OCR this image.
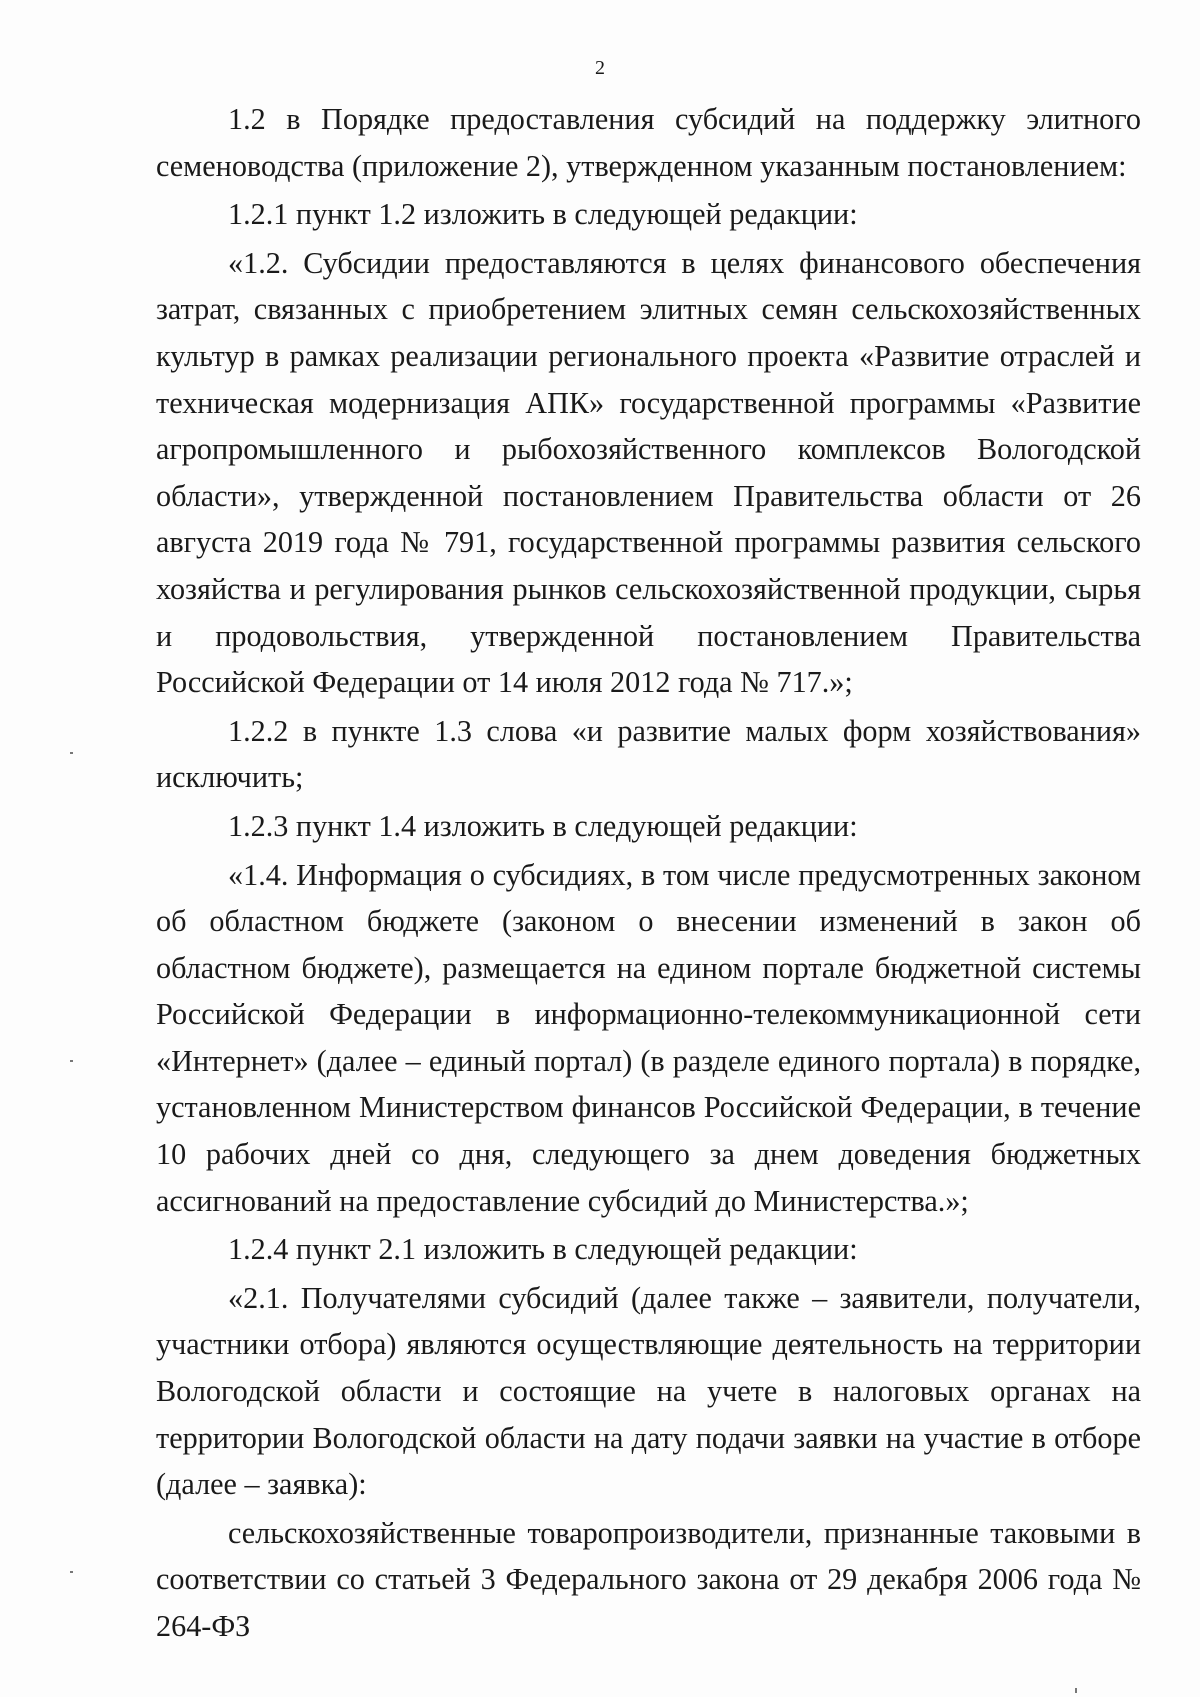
2

1.2 в Порядке предоставления субсидий на поддержку элитного семеноводства (приложение 2), утвержденном указанным постановлением:

1.2.1 пункт 1.2 изложить в следующей редакции:

«1.2. Субсидии предоставляются в целях финансового обеспечения затрат, связанных с приобретением элитных семян сельскохозяйственных культур в рамках реализации регионального проекта «Развитие отраслей и техническая модернизация АПК» государственной программы «Развитие агропромышленного и рыбохозяйственного комплексов Вологодской области», утвержденной постановлением Правительства области от 26 августа 2019 года № 791, государственной программы развития сельского хозяйства и регулирования рынков сельскохозяйственной продукции, сырья и продовольствия, утвержденной постановлением Правительства Российской Федерации от 14 июля 2012 года № 717.»;

1.2.2 в пункте 1.3 слова «и развитие малых форм хозяйствования» исключить;

1.2.3 пункт 1.4 изложить в следующей редакции:

«1.4. Информация о субсидиях, в том числе предусмотренных законом об областном бюджете (законом о внесении изменений в закон об областном бюджете), размещается на едином портале бюджетной системы Российской Федерации в информационно-телекоммуникационной сети «Интернет» (далее – единый портал) (в разделе единого портала) в порядке, установленном Министерством финансов Российской Федерации, в течение 10 рабочих дней со дня, следующего за днем доведения бюджетных ассигнований на предоставление субсидий до Министерства.»;

1.2.4 пункт 2.1 изложить в следующей редакции:

«2.1. Получателями субсидий (далее также – заявители, получатели, участники отбора) являются осуществляющие деятельность на территории Вологодской области и состоящие на учете в налоговых органах на территории Вологодской области на дату подачи заявки на участие в отборе (далее – заявка):

сельскохозяйственные товаропроизводители, признанные таковыми в соответствии со статьей 3 Федерального закона от 29 декабря 2006 года № 264-ФЗ
